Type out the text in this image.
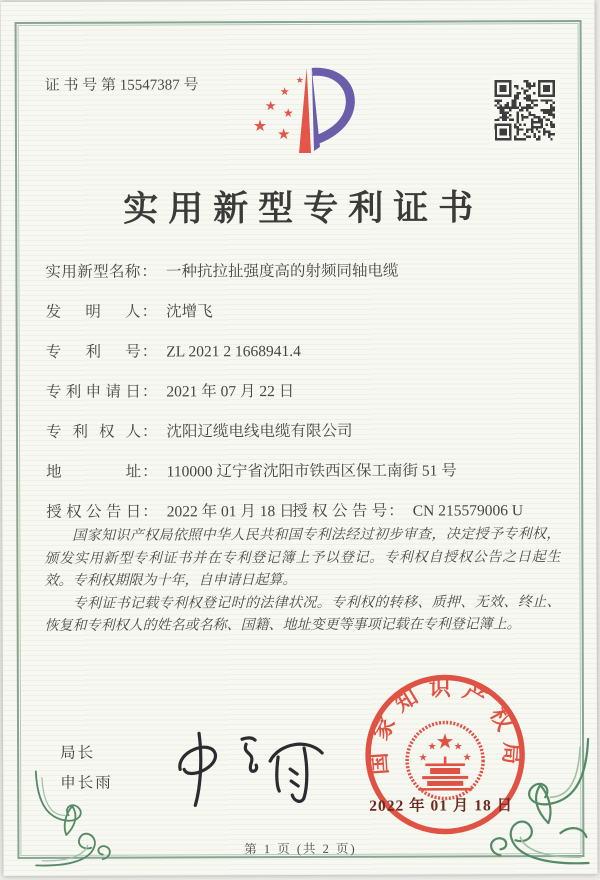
证 书 号 第 15547387 号	★
★
★ ★
★ ★
实用新型专利证书
实用新型名称： 一种抗拉扯强度高的射频同轴电缆
发明人： 沈增飞
专利号： ZL 2021 2 1668941.4
专利申请日： 2021 年 07 月 22 日
专利权人： 沈阳辽缆电线电缆有限公司
地址： 110000 辽宁省沈阳市铁西区保工南街 51 号
授权公告日： 2022 年 01 月 18 日
授权公告号： CN 215579006 U

国家知识产权局依照中华人民共和国专利法经过初步审查，决定授予专利权，颁发实用新型专利证书并在专利登记簿上予以登记。专利权自授权公告之日起生效。专利权期限为十年，自申请日起算。

专利证书记载专利权登记时的法律状况。专利权的转移、质押、无效、终止、恢复和专利权人的姓名或名称、国籍、地址变更等事项记载在专利登记簿上。

局长
申长雨
国家知识产权局
★
★
★ ★
★
2022 年 01 月 18 日
第 1 页 (共 2 页)
